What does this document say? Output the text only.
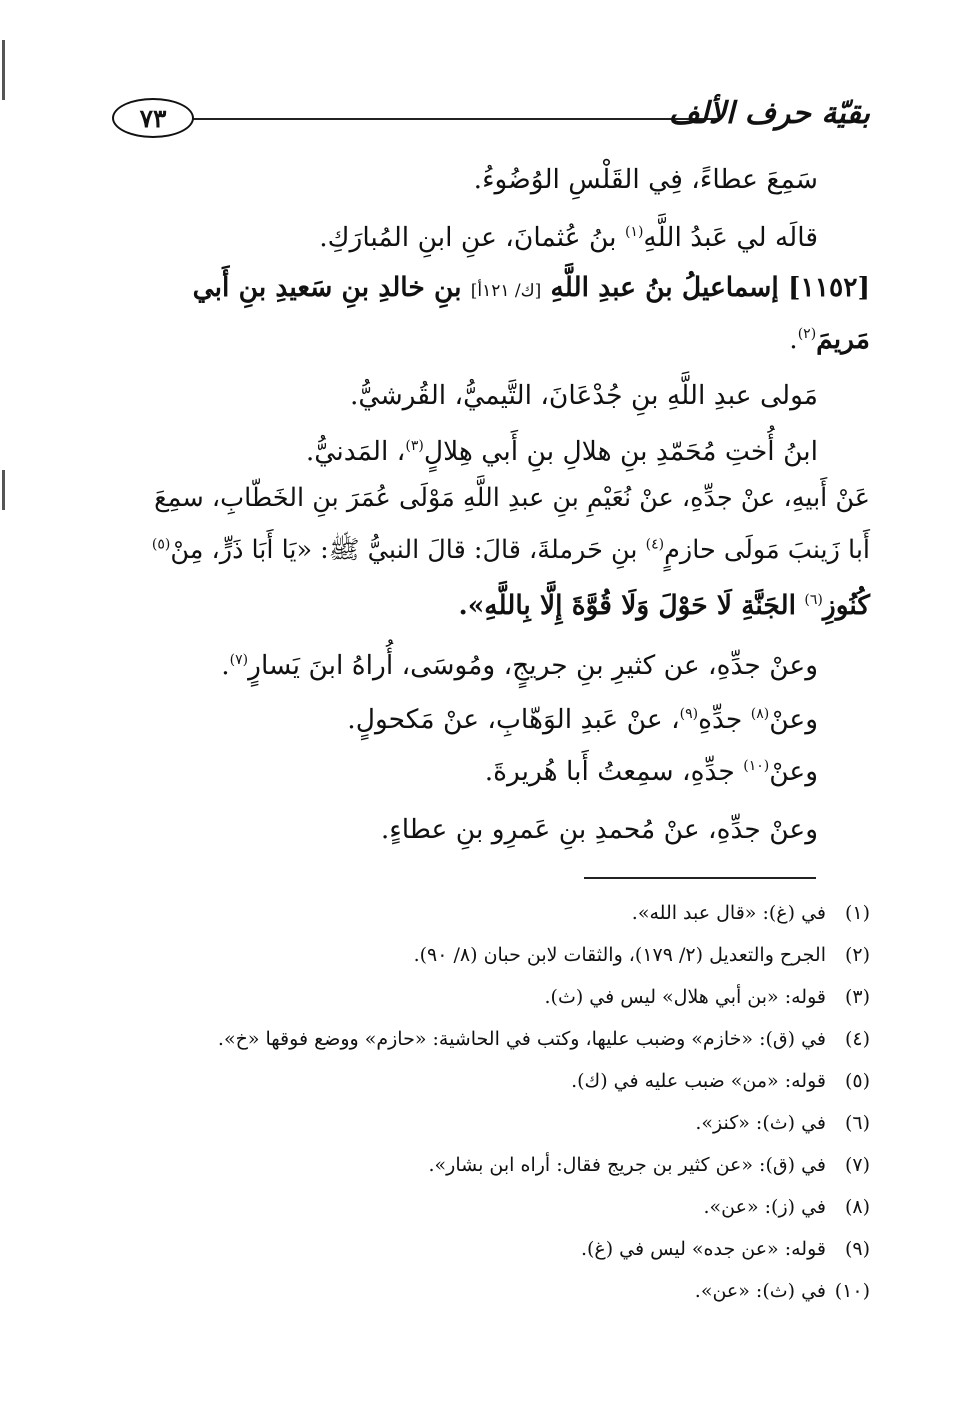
٧٣	بقيّة حرف الألف
سَمِعَ عطاءً، فِي القَلْسِ الوُضُوءُ.
قالَه لي عَبدُ اللَّهِ$^{(١)}$ بنُ عُثمانَ، عنِ ابنِ المُبارَكِ.
[١١٥٢] إسماعيلُ بنُ عبدِ اللَّهِ [ك/ ١٢١أ] بنِ خالدِ بنِ سَعيدِ بنِ أَبي
مَريمَ$^{(٢)}$.
مَولى عبدِ اللَّهِ بنِ جُدْعَانَ، التَّيميُّ، القُرشيُّ.
ابنُ أُختِ مُحَمّدِ بنِ هلالِ بنِ أَبي هِلالٍ$^{(٣)}$، المَدنيُّ.
عَنْ أَبيهِ، عنْ جدِّهِ، عنْ نُعَيْمِ بنِ عبدِ اللَّهِ مَوْلَى عُمَرَ بنِ الخَطّابِ، سمِعَ
أَبا زَينبَ مَولَى حازمٍ$^{(٤)}$ بنِ حَرملةَ، قالَ: قالَ النبيُّ ﷺ: «يَا أَبَا ذَرٍّ، مِنْ$^{(٥)}$
كُنُوزِ$^{(٦)}$ الجَنَّةِ لَا حَوْلَ وَلَا قُوَّةَ إِلَّا بِاللَّهِ».
وعنْ جدِّهِ، عن كثيرِ بنِ جريجٍ، ومُوسَى، أُراهُ ابنَ يَسارٍ$^{(٧)}$.
وعنْ$^{(٨)}$ جدِّهِ$^{(٩)}$، عنْ عَبدِ الوَهّابِ، عنْ مَكحولٍ.
وعنْ$^{(١٠)}$ جدِّهِ، سمِعتُ أَبا هُريرةَ.
وعنْ جدِّهِ، عنْ مُحمدِ بنِ عَمرِو بنِ عطاءٍ.
(١)في (غ): «قال عبد الله».
(٢)الجرح والتعديل (٢/ ١٧٩)، والثقات لابن حبان (٨/ ٩٠).
(٣)قوله: «بن أبي هلال» ليس في (ث).
(٤)في (ق): «خازم» وضبب عليها، وكتب في الحاشية: «حازم» ووضع فوقها «خ».
(٥)قوله: «من» ضبب عليه في (ك).
(٦)في (ث): «كنز».
(٧)في (ق): «عن كثير بن جريج فقال: أراه ابن بشار».
(٨)في (ز): «عن».
(٩)قوله: «عن جده» ليس في (غ).
(١٠)في (ث): «عن».
